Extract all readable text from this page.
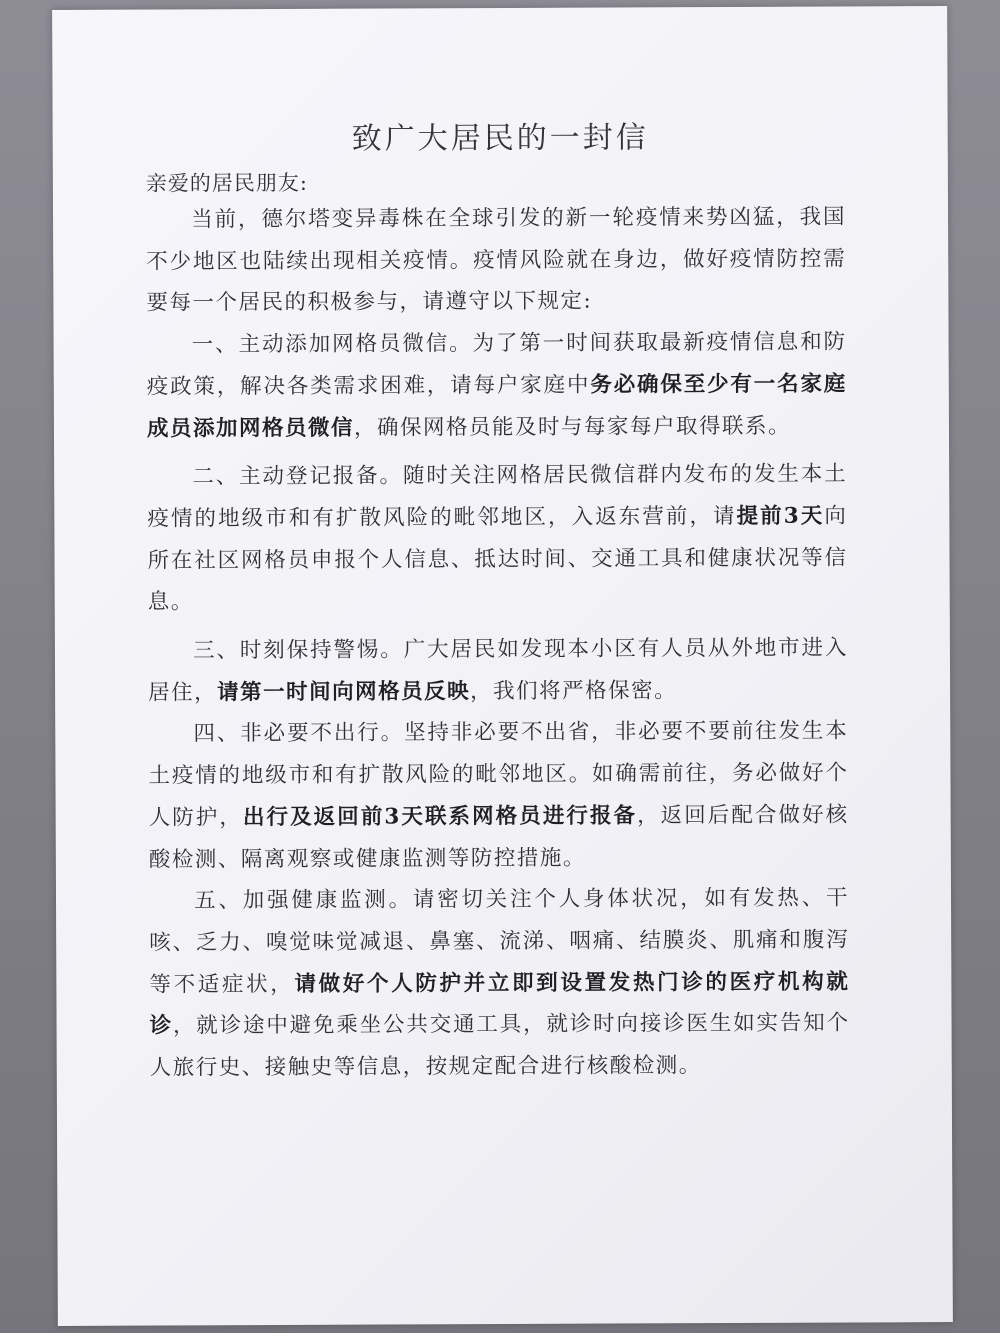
致广大居民的一封信
亲爱的居民朋友:

当前，德尔塔变异毒株在全球引发的新一轮疫情来势凶猛，我国不少地区也陆续出现相关疫情。疫情风险就在身边，做好疫情防控需要每一个居民的积极参与，请遵守以下规定:

一、主动添加网格员微信。为了第一时间获取最新疫情信息和防疫政策，解决各类需求困难，请每户家庭中务必确保至少有一名家庭成员添加网格员微信，确保网格员能及时与每家每户取得联系。

二、主动登记报备。随时关注网格居民微信群内发布的发生本土疫情的地级市和有扩散风险的毗邻地区，入返东营前，请提前3天向所在社区网格员申报个人信息、抵达时间、交通工具和健康状况等信息。

三、时刻保持警惕。广大居民如发现本小区有人员从外地市进入居住，请第一时间向网格员反映，我们将严格保密。

四、非必要不出行。坚持非必要不出省，非必要不要前往发生本土疫情的地级市和有扩散风险的毗邻地区。如确需前往，务必做好个人防护，出行及返回前3天联系网格员进行报备，返回后配合做好核酸检测、隔离观察或健康监测等防控措施。

五、加强健康监测。请密切关注个人身体状况，如有发热、干咳、乏力、嗅觉味觉减退、鼻塞、流涕、咽痛、结膜炎、肌痛和腹泻等不适症状，请做好个人防护并立即到设置发热门诊的医疗机构就诊，就诊途中避免乘坐公共交通工具，就诊时向接诊医生如实告知个人旅行史、接触史等信息，按规定配合进行核酸检测。
